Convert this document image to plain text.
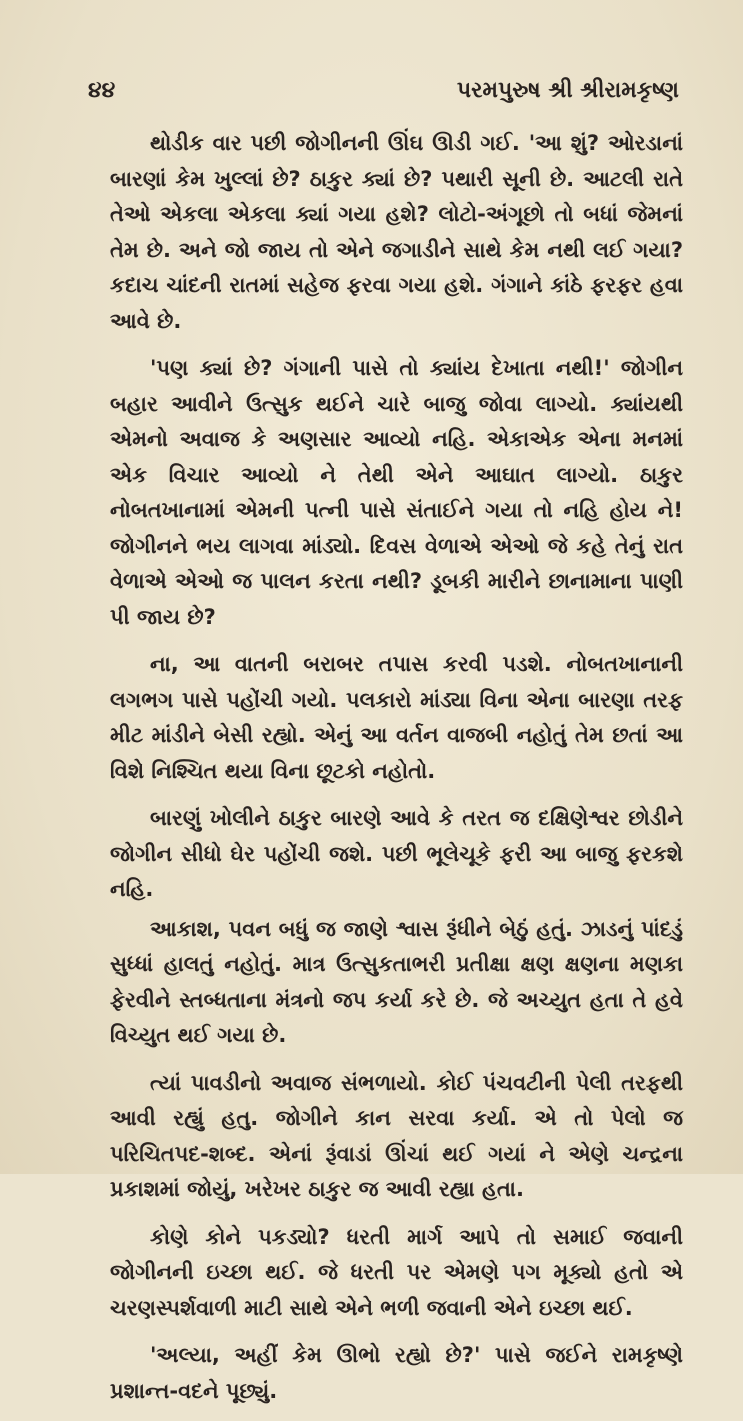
૪૪	પરમપુરુષ શ્રી શ્રીરામકૃષ્ણ

થોડીક વાર પછી જોગીનની ઊંઘ ઊડી ગઈ. 'આ શું? ઓરડાનાં બારણાં કેમ ખુલ્લાં છે? ઠાકુર ક્યાં છે? પથારી સૂની છે. આટલી રાતે તેઓ એકલા એકલા ક્યાં ગયા હશે? લોટો-અંગૂછો તો બધાં જેમનાં તેમ છે. અને જો જાય તો એને જગાડીને સાથે કેમ નથી લઈ ગયા? કદાચ ચાંદની રાતમાં સહેજ ફરવા ગયા હશે. ગંગાને કાંઠે ફરફર હવા આવે છે.

'પણ ક્યાં છે? ગંગાની પાસે તો ક્યાંય દેખાતા નથી!' જોગીન બહાર આવીને ઉત્સુક થઈને ચારે બાજુ જોવા લાગ્યો. ક્યાંયથી એમનો અવાજ કે અણસાર આવ્યો નહિ. એકાએક એના મનમાં એક વિચાર આવ્યો ને તેથી એને આઘાત લાગ્યો. ઠાકુર નોબતખાનામાં એમની પત્ની પાસે સંતાઈને ગયા તો નહિ હોય ને! જોગીનને ભય લાગવા માંડ્યો. દિવસ વેળાએ એઓ જે કહે તેનું રાત વેળાએ એઓ જ પાલન કરતા નથી? ડૂબકી મારીને છાનામાના પાણી પી જાય છે?

ના, આ વાતની બરાબર તપાસ કરવી પડશે. નોબતખાનાની લગભગ પાસે પહોંચી ગયો. પલકારો માંડ્યા વિના એના બારણા તરફ મીટ માંડીને બેસી રહ્યો. એનું આ વર્તન વાજબી નહોતું તેમ છતાં આ વિશે નિશ્ચિત થયા વિના છૂટકો નહોતો.

બારણું ખોલીને ઠાકુર બારણે આવે કે તરત જ દક્ષિણેશ્વર છોડીને જોગીન સીધો ઘેર પહોંચી જશે. પછી ભૂલેચૂકે ફરી આ બાજુ ફરકશે નહિ.

આકાશ, પવન બધું જ જાણે શ્વાસ રૂંધીને બેઠું હતું. ઝાડનું પાંદડું સુધ્ધાં હાલતું નહોતું. માત્ર ઉત્સુકતાભરી પ્રતીક્ષા ક્ષણ ક્ષણના મણકા ફેરવીને સ્તબ્ધતાના મંત્રનો જપ કર્યા કરે છે. જે અચ્યુત હતા તે હવે વિચ્યુત થઈ ગયા છે.

ત્યાં પાવડીનો અવાજ સંભળાયો. કોઈ પંચવટીની પેલી તરફથી આવી રહ્યું હતુ. જોગીને કાન સરવા કર્યા. એ તો પેલો જ પરિચિતપદ-શબ્દ. એનાં રૂંવાડાં ઊંચાં થઈ ગયાં ને એણે ચન્દ્રના પ્રકાશમાં જોયું, ખરેખર ઠાકુર જ આવી રહ્યા હતા.

કોણે કોને પકડ્યો? ધરતી માર્ગ આપે તો સમાઈ જવાની જોગીનની ઇચ્છા થઈ. જે ધરતી પર એમણે પગ મૂક્યો હતો એ ચરણસ્પર્શવાળી માટી સાથે એને ભળી જવાની એને ઇચ્છા થઈ.

'અલ્યા, અહીં કેમ ઊભો રહ્યો છે?' પાસે જઈને રામકૃષ્ણે પ્રશાન્ત-વદને પૂછ્યું.
